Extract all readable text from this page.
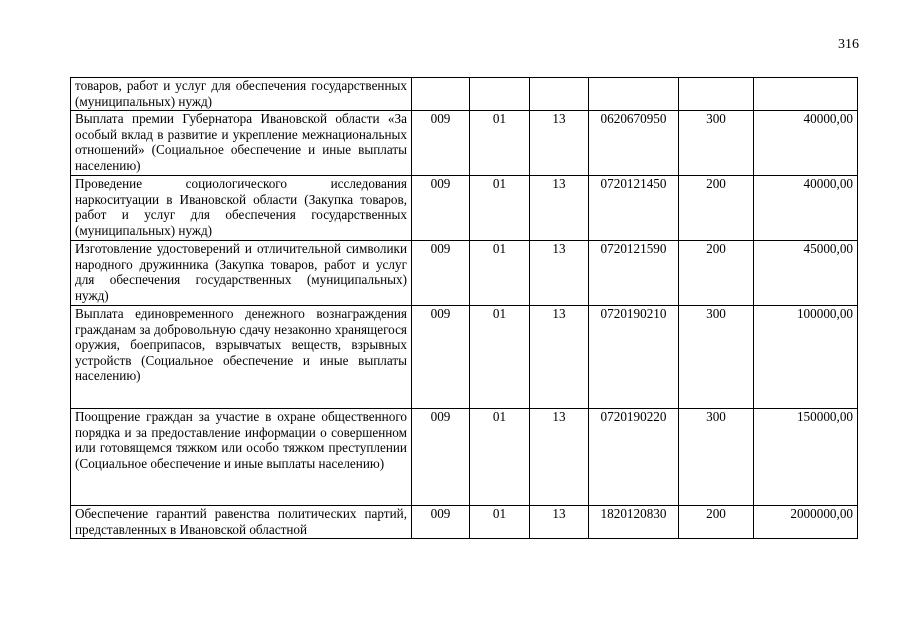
316
товаров, работ и услуг для обеспечения государственных (муниципальных) нужд)						
Выплата премии Губернатора Ивановской области «За особый вклад в развитие и укрепление межнациональных отношений» (Социальное обеспечение и иные выплаты населению)	009	01	13	0620670950	300	40000,00
Проведение социологического исследования наркоситуации в Ивановской области (Закупка товаров, работ и услуг для обеспечения государственных (муниципальных) нужд)	009	01	13	0720121450	200	40000,00
Изготовление удостоверений и отличительной символики народного дружинника (Закупка товаров, работ и услуг для обеспечения государственных (муниципальных) нужд)	009	01	13	0720121590	200	45000,00
Выплата единовременного денежного вознаграждения гражданам за добровольную сдачу незаконно хранящегося оружия, боеприпасов, взрывчатых веществ, взрывных устройств (Социальное обеспечение и иные выплаты населению)	009	01	13	0720190210	300	100000,00
Поощрение граждан за участие в охране общественного порядка и за предоставление информации о совершенном или готовящемся тяжком или особо тяжком преступлении (Социальное обеспечение и иные выплаты населению)	009	01	13	0720190220	300	150000,00
Обеспечение гарантий равенства политических партий, представленных в Ивановской областной	009	01	13	1820120830	200	2000000,00
